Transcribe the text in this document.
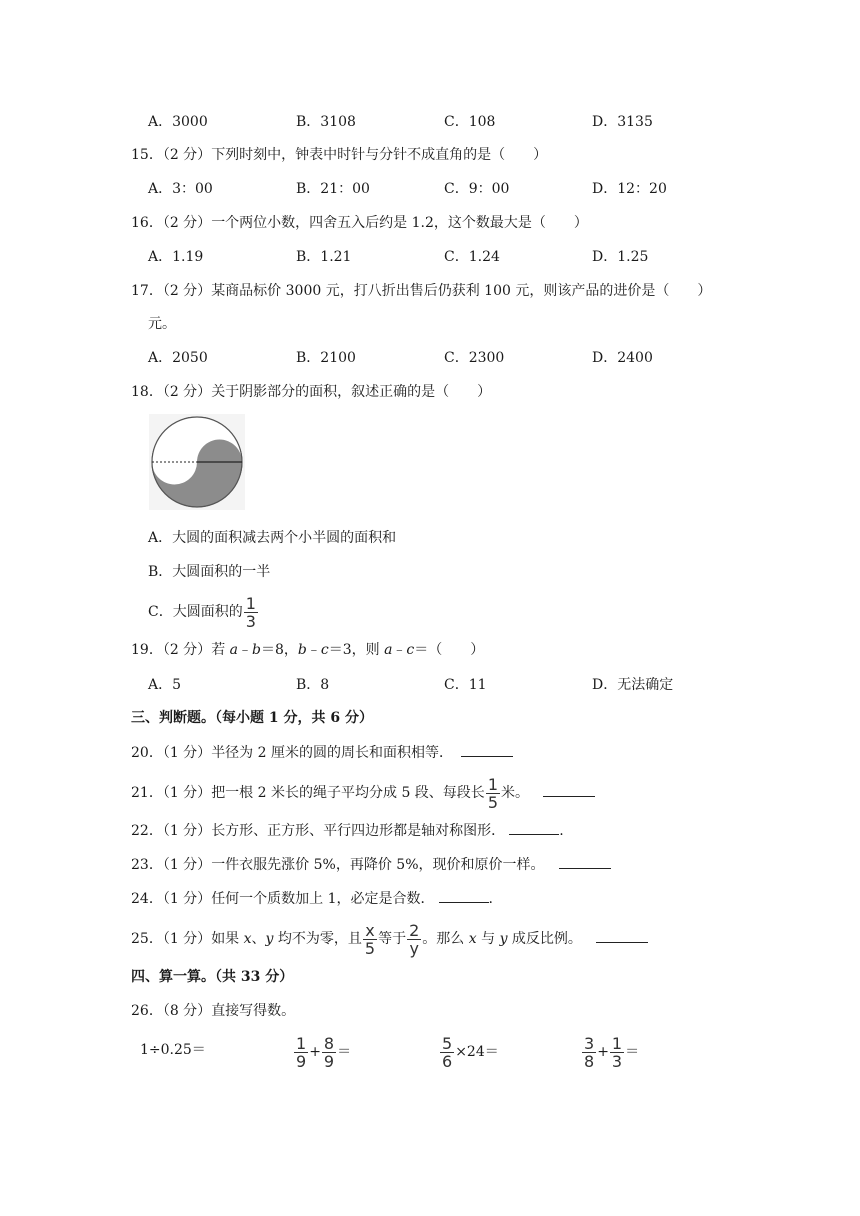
A．3000	B．3108	C．108	D．3135
15．（2 分）下列时刻中，钟表中时针与分针不成直角的是（　　）
A．3：00	B．21：00	C．9：00	D．12：20
16．（2 分）一个两位小数，四舍五入后约是 1.2，这个数最大是（　　）
A．1.19	B．1.21	C．1.24	D．1.25
17．（2 分）某商品标价 3000 元，打八折出售后仍获利 100 元，则该产品的进价是（　　）
元。
A．2050	B．2100	C．2300	D．2400
18．（2 分）关于阴影部分的面积，叙述正确的是（　　）
A．大圆的面积减去两个小半圆的面积和
B．大圆面积的一半
C．大圆面积的 $\frac{1}{3}$
19．（2 分）若 a﹣b＝8，b﹣c＝3，则 a﹣c＝（　　）
A．5	B．8	C．11	D．无法确定
三、判断题。（每小题 1 分，共 6 分）
20．（1 分）半径为 2 厘米的圆的周长和面积相等．
21．（1 分）把一根 2 米长的绳子平均分成 5 段、每段长 $\frac{1}{5}$ 米。
22．（1 分）长方形、正方形、平行四边形都是轴对称图形．	.
23．（1 分）一件衣服先涨价 5%，再降价 5%，现价和原价一样。
24．（1 分）任何一个质数加上 1，必定是合数．	.
25．（1 分）如果 x、y 均不为零，且 $\frac{x}{5}$ 等于 $\frac{2}{y}$ 。那么 x 与 y 成反比例。
四、算一算。（共 33 分）
26．（8 分）直接写得数。
1÷0.25＝	$\frac{1}{9} + \frac{8}{9}$ ＝	$\frac{5}{6} \times 24=$	$\frac{3}{8} + \frac{1}{3}$ ＝
